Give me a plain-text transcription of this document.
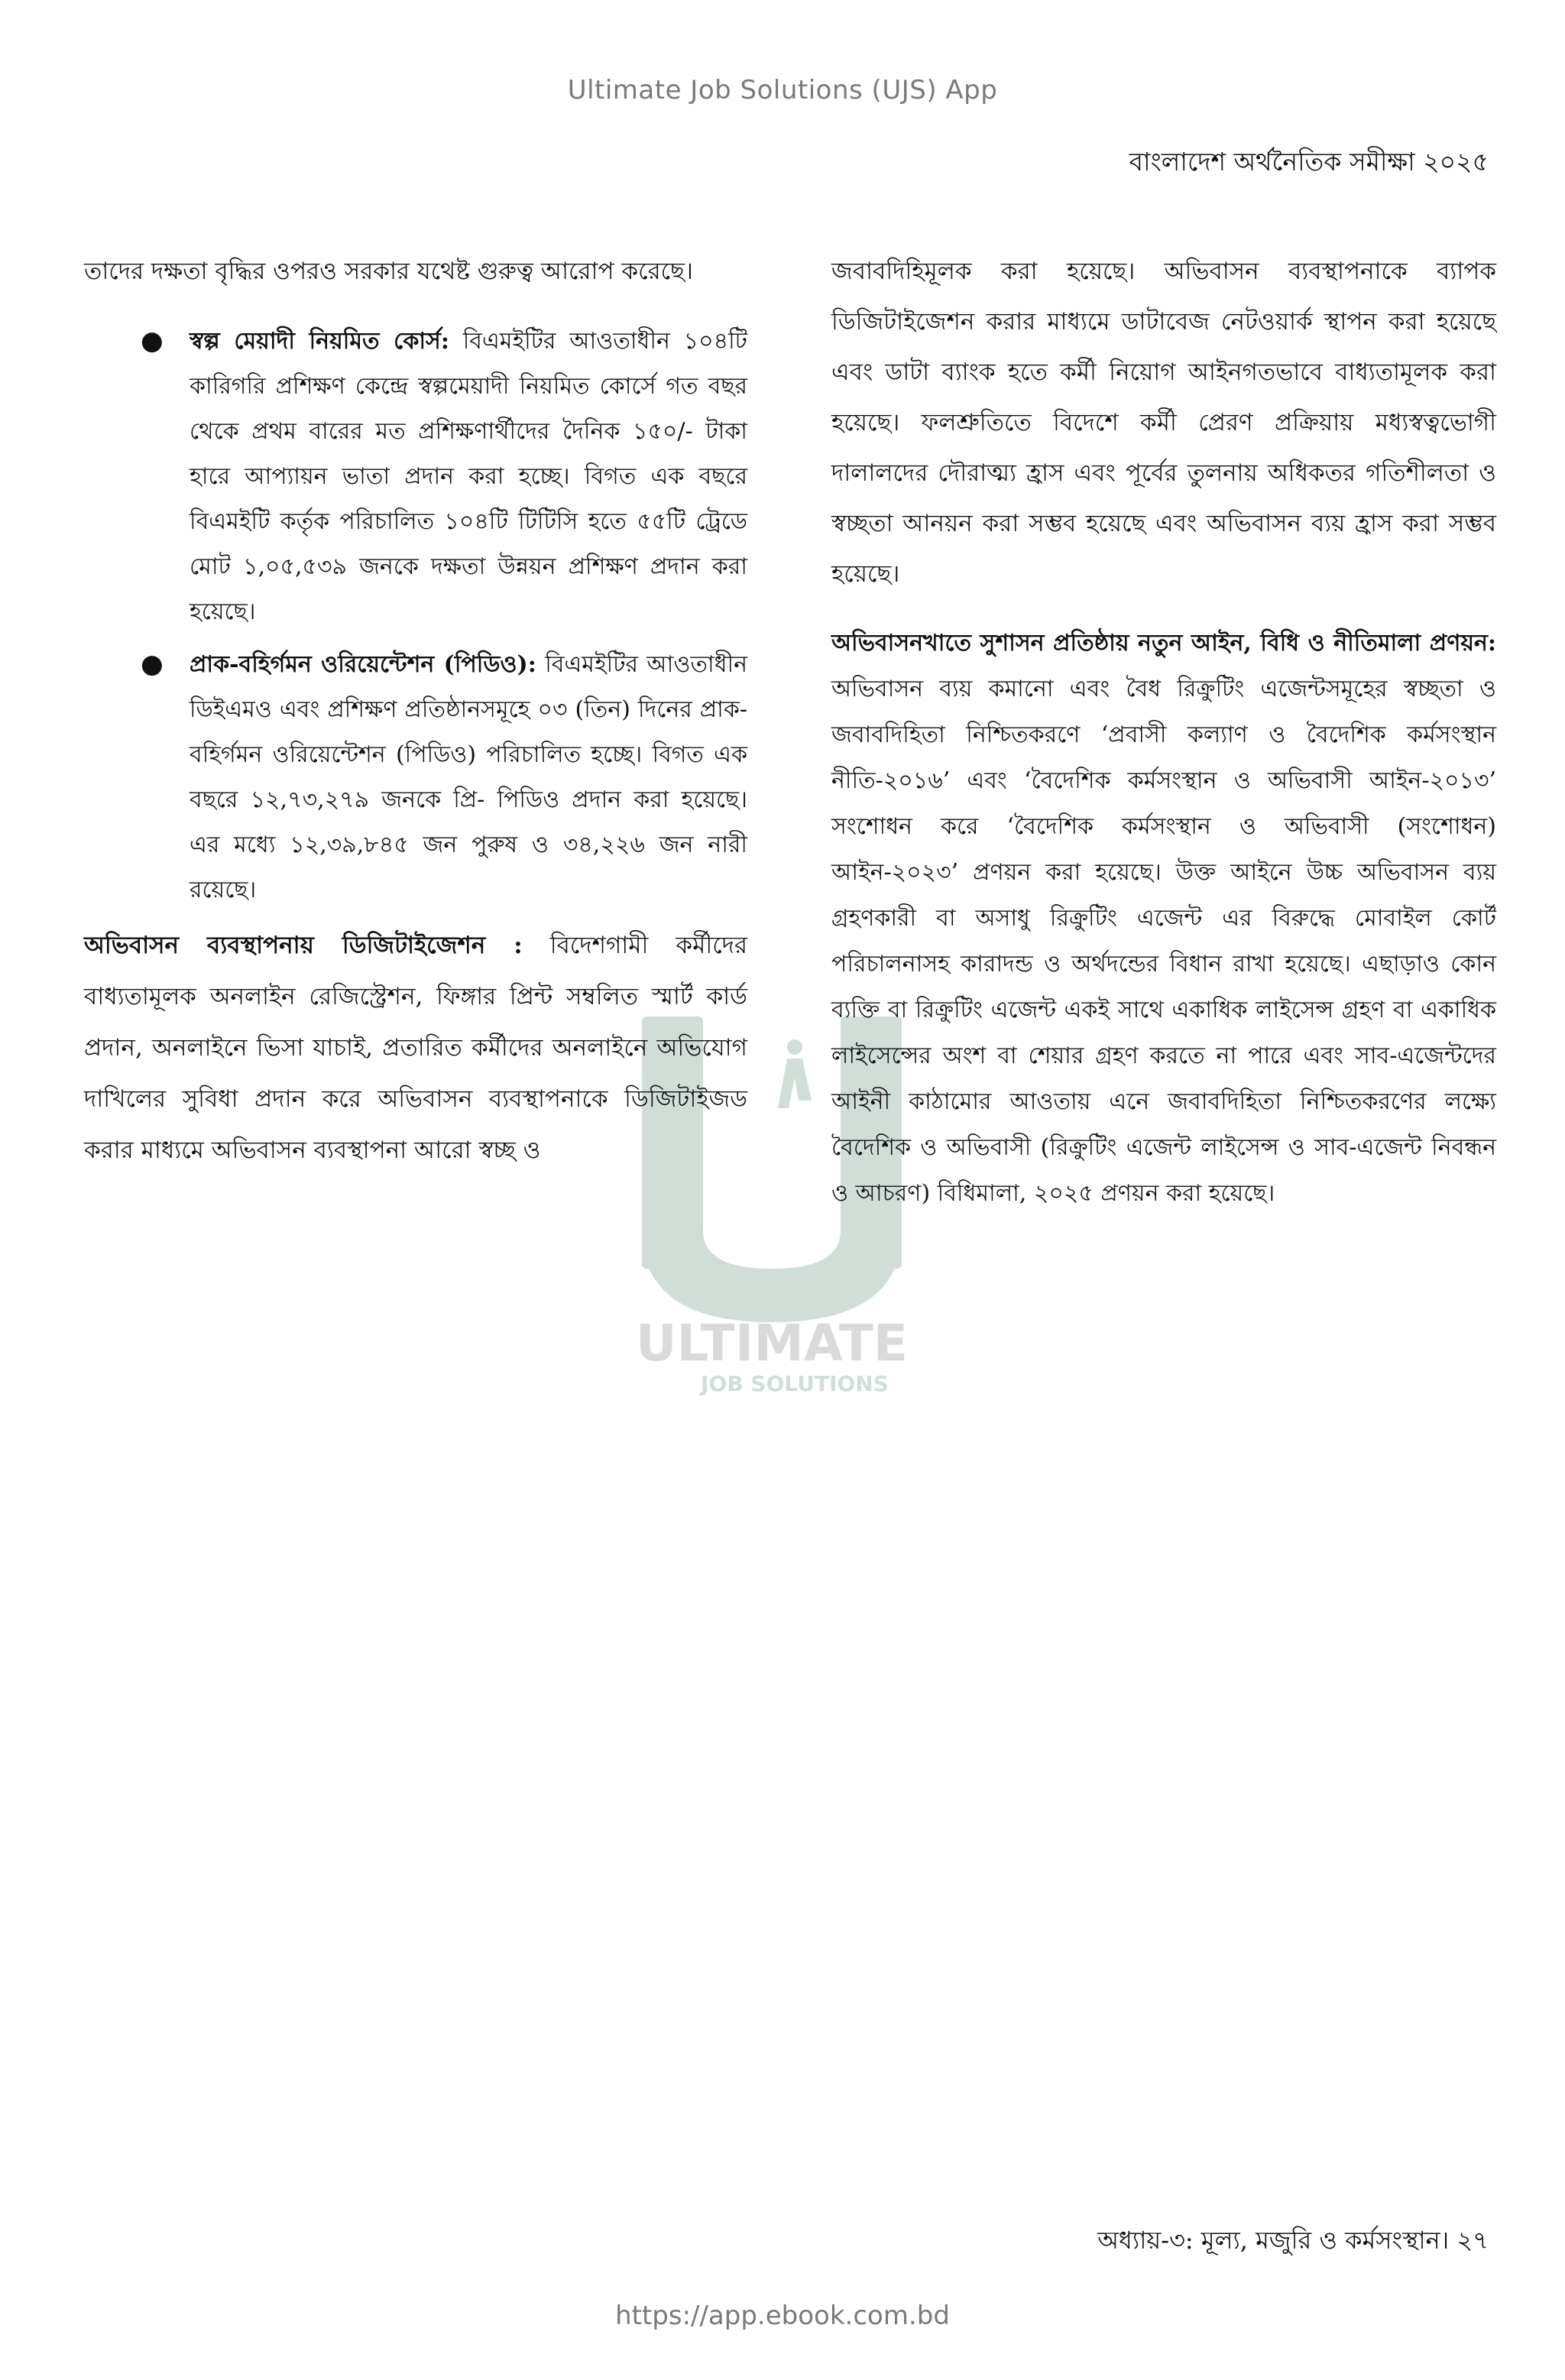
Ultimate Job Solutions (UJS) App
বাংলাদেশ অর্থনৈতিক সমীক্ষা ২০২৫
ULTIMATE
JOB SOLUTIONS

তাদের দক্ষতা বৃদ্ধির ওপরও সরকার যথেষ্ট গুরুত্ব আরোপ করেছে।

● স্বল্প মেয়াদী নিয়মিত কোর্স: বিএমইটির আওতাধীন ১০৪টি কারিগরি প্রশিক্ষণ কেন্দ্রে স্বল্পমেয়াদী নিয়মিত কোর্সে গত বছর থেকে প্রথম বারের মত প্রশিক্ষণার্থীদের দৈনিক ১৫০/- টাকা হারে আপ্যায়ন ভাতা প্রদান করা হচ্ছে। বিগত এক বছরে বিএমইটি কর্তৃক পরিচালিত ১০৪টি টিটিসি হতে ৫৫টি ট্রেডে মোট ১,০৫,৫৩৯ জনকে দক্ষতা উন্নয়ন প্রশিক্ষণ প্রদান করা হয়েছে।
● প্রাক-বহির্গমন ওরিয়েন্টেশন (পিডিও): বিএমইটির আওতাধীন ডিইএমও এবং প্রশিক্ষণ প্রতিষ্ঠানসমূহে ০৩ (তিন) দিনের প্রাক-বহির্গমন ওরিয়েন্টেশন (পিডিও) পরিচালিত হচ্ছে। বিগত এক বছরে ১২,৭৩,২৭৯ জনকে প্রি- পিডিও প্রদান করা হয়েছে। এর মধ্যে ১২,৩৯,৮৪৫ জন পুরুষ ও ৩৪,২২৬ জন নারী রয়েছে।

অভিবাসন ব্যবস্থাপনায় ডিজিটাইজেশন : বিদেশগামী কর্মীদের বাধ্যতামূলক অনলাইন রেজিস্ট্রেশন, ফিঙ্গার প্রিন্ট সম্বলিত স্মার্ট কার্ড প্রদান, অনলাইনে ভিসা যাচাই, প্রতারিত কর্মীদের অনলাইনে অভিযোগ দাখিলের সুবিধা প্রদান করে অভিবাসন ব্যবস্থাপনাকে ডিজিটাইজড করার মাধ্যমে অভিবাসন ব্যবস্থাপনা আরো স্বচ্ছ ও

জবাবদিহিমূলক করা হয়েছে। অভিবাসন ব্যবস্থাপনাকে ব্যাপক ডিজিটাইজেশন করার মাধ্যমে ডাটাবেজ নেটওয়ার্ক স্থাপন করা হয়েছে এবং ডাটা ব্যাংক হতে কর্মী নিয়োগ আইনগতভাবে বাধ্যতামূলক করা হয়েছে। ফলশ্রুতিতে বিদেশে কর্মী প্রেরণ প্রক্রিয়ায় মধ্যস্বত্বভোগী দালালদের দৌরাত্ম্য হ্রাস এবং পূর্বের তুলনায় অধিকতর গতিশীলতা ও স্বচ্ছতা আনয়ন করা সম্ভব হয়েছে এবং অভিবাসন ব্যয় হ্রাস করা সম্ভব হয়েছে।

অভিবাসনখাতে সুশাসন প্রতিষ্ঠায় নতুন আইন, বিধি ও নীতিমালা প্রণয়ন: অভিবাসন ব্যয় কমানো এবং বৈধ রিক্রুটিং এজেন্টসমূহের স্বচ্ছতা ও জবাবদিহিতা নিশ্চিতকরণে ‘প্রবাসী কল্যাণ ও বৈদেশিক কর্মসংস্থান নীতি-২০১৬’ এবং ‘বৈদেশিক কর্মসংস্থান ও অভিবাসী আইন-২০১৩’ সংশোধন করে ‘বৈদেশিক কর্মসংস্থান ও অভিবাসী (সংশোধন) আইন-২০২৩’ প্রণয়ন করা হয়েছে। উক্ত আইনে উচ্চ অভিবাসন ব্যয় গ্রহণকারী বা অসাধু রিক্রুটিং এজেন্ট এর বিরুদ্ধে মোবাইল কোর্ট পরিচালনাসহ কারাদন্ড ও অর্থদন্ডের বিধান রাখা হয়েছে। এছাড়াও কোন ব্যক্তি বা রিক্রুটিং এজেন্ট একই সাথে একাধিক লাইসেন্স গ্রহণ বা একাধিক লাইসেন্সের অংশ বা শেয়ার গ্রহণ করতে না পারে এবং সাব-এজেন্টদের আইনী কাঠামোর আওতায় এনে জবাবদিহিতা নিশ্চিতকরণের লক্ষ্যে বৈদেশিক ও অভিবাসী (রিক্রুটিং এজেন্ট লাইসেন্স ও সাব-এজেন্ট নিবন্ধন ও আচরণ) বিধিমালা, ২০২৫ প্রণয়ন করা হয়েছে।

অধ্যায়-৩: মূল্য, মজুরি ও কর্মসংস্থান। ২৭
https://app.ebook.com.bd
